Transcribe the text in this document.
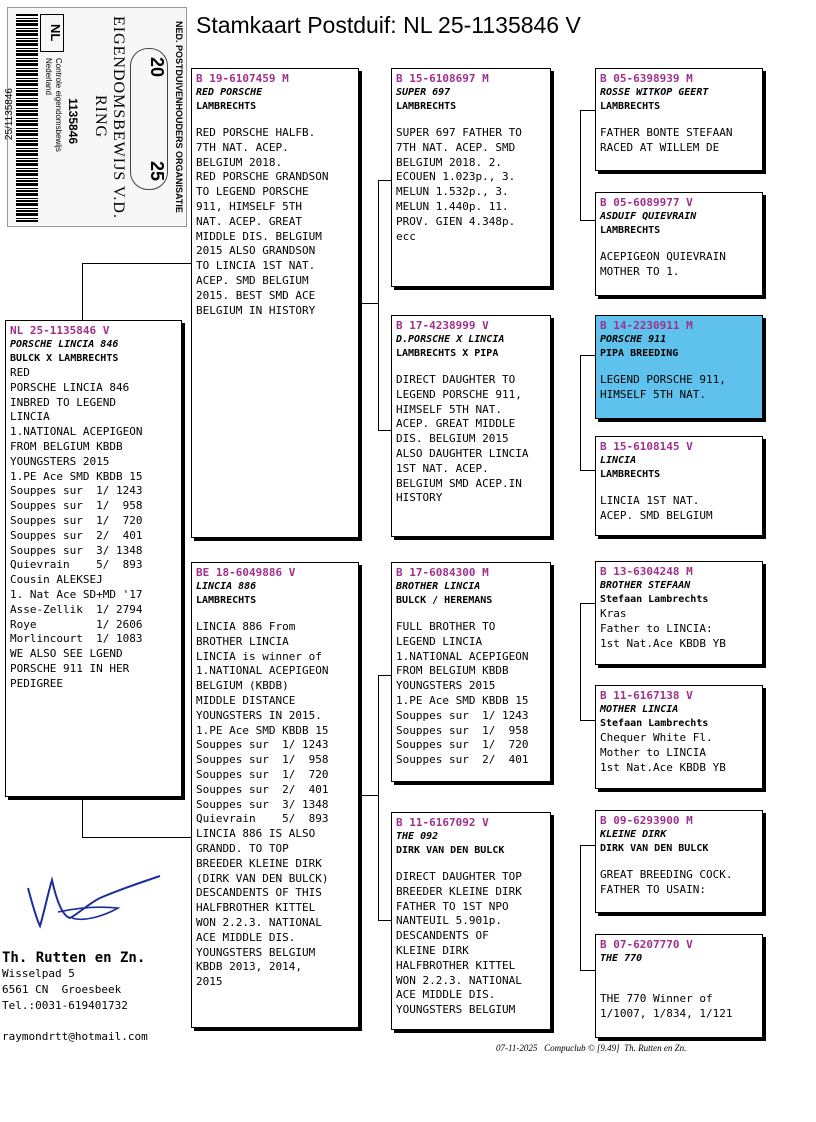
Stamkaart Postduif: NL 25-1135846 V
NL
Nederland Controle eigendomsbewijs 1135846	EIGENDOMSBEWIJS V.D. RING
20
25 NED. POSTDUIVENHOUDERS ORGANISATIE
25/1135846
NL 25-1135846 V
PORSCHE LINCIA 846
BULCK X LAMBRECHTS
RED
PORSCHE LINCIA 846
INBRED TO LEGEND
LINCIA
1.NATIONAL ACEPIGEON
FROM BELGIUM KBDB
YOUNGSTERS 2015
1.PE Ace SMD KBDB 15
Souppes sur  1/ 1243
Souppes sur  1/  958
Souppes sur  1/  720
Souppes sur  2/  401
Souppes sur  3/ 1348
Quievrain    5/  893
Cousin ALEKSEJ
1. Nat Ace SD+MD '17
Asse-Zellik  1/ 2794
Roye         1/ 2606
Morlincourt  1/ 1083
WE ALSO SEE LGEND
PORSCHE 911 IN HER
PEDIGREE
B 19-6107459 M
RED PORSCHE
LAMBRECHTS
RED PORSCHE HALFB.
7TH NAT. ACEP.
BELGIUM 2018.
RED PORSCHE GRANDSON
TO LEGEND PORSCHE
911, HIMSELF 5TH
NAT. ACEP. GREAT
MIDDLE DIS. BELGIUM
2015 ALSO GRANDSON
TO LINCIA 1ST NAT.
ACEP. SMD BELGIUM
2015. BEST SMD ACE
BELGIUM IN HISTORY
BE 18-6049886 V
LINCIA 886
LAMBRECHTS
LINCIA 886 From
BROTHER LINCIA
LINCIA is winner of
1.NATIONAL ACEPIGEON
BELGIUM (KBDB)
MIDDLE DISTANCE
YOUNGSTERS IN 2015.
1.PE Ace SMD KBDB 15
Souppes sur  1/ 1243
Souppes sur  1/  958
Souppes sur  1/  720
Souppes sur  2/  401
Souppes sur  3/ 1348
Quievrain    5/  893
LINCIA 886 IS ALSO
GRANDD. TO TOP
BREEDER KLEINE DIRK
(DIRK VAN DEN BULCK)
DESCANDENTS OF THIS
HALFBROTHER KITTEL
WON 2.2.3. NATIONAL
ACE MIDDLE DIS.
YOUNGSTERS BELGIUM
KBDB 2013, 2014,
2015
B 15-6108697 M
SUPER 697
LAMBRECHTS
SUPER 697 FATHER TO
7TH NAT. ACEP. SMD
BELGIUM 2018. 2.
ECOUEN 1.023p., 3.
MELUN 1.532p., 3.
MELUN 1.440p. 11.
PROV. GIEN 4.348p.
ecc
B 17-4238999 V
D.PORSCHE X LINCIA
LAMBRECHTS X PIPA
DIRECT DAUGHTER TO
LEGEND PORSCHE 911,
HIMSELF 5TH NAT.
ACEP. GREAT MIDDLE
DIS. BELGIUM 2015
ALSO DAUGHTER LINCIA
1ST NAT. ACEP.
BELGIUM SMD ACEP.IN
HISTORY
B 17-6084300 M
BROTHER LINCIA
BULCK / HEREMANS
FULL BROTHER TO
LEGEND LINCIA
1.NATIONAL ACEPIGEON
FROM BELGIUM KBDB
YOUNGSTERS 2015
1.PE Ace SMD KBDB 15
Souppes sur  1/ 1243
Souppes sur  1/  958
Souppes sur  1/  720
Souppes sur  2/  401
B 11-6167092 V
THE 092
DIRK VAN DEN BULCK
DIRECT DAUGHTER TOP
BREEDER KLEINE DIRK
FATHER TO 1ST NPO
NANTEUIL 5.901p.
DESCANDENTS OF
KLEINE DIRK
HALFBROTHER KITTEL
WON 2.2.3. NATIONAL
ACE MIDDLE DIS.
YOUNGSTERS BELGIUM
B 05-6398939 M
ROSSE WITKOP GEERT
LAMBRECHTS
FATHER BONTE STEFAAN
RACED AT WILLEM DE
B 05-6089977 V
ASDUIF QUIEVRAIN
LAMBRECHTS
ACEPIGEON QUIEVRAIN
MOTHER TO 1.
B 14-2230911 M
PORSCHE 911
PIPA BREEDING
LEGEND PORSCHE 911,
HIMSELF 5TH NAT.
B 15-6108145 V
LINCIA
LAMBRECHTS
LINCIA 1ST NAT.
ACEP. SMD BELGIUM
B 13-6304248 M
BROTHER STEFAAN
Stefaan Lambrechts
Kras
Father to LINCIA:
1st Nat.Ace KBDB YB
B 11-6167138 V
MOTHER LINCIA
Stefaan Lambrechts
Chequer White Fl.
Mother to LINCIA
1st Nat.Ace KBDB YB
B 09-6293900 M
KLEINE DIRK
DIRK VAN DEN BULCK
GREAT BREEDING COCK.
FATHER TO USAIN:
B 07-6207770 V
THE 770
THE 770 Winner of
1/1007, 1/834, 1/121
Th. Rutten en Zn.
Wisselpad 5
6561 CN  Groesbeek
Tel.:0031-619401732
raymondrtt@hotmail.com
07-11-2025   Compuclub © [9.49]  Th. Rutten en Zn.
